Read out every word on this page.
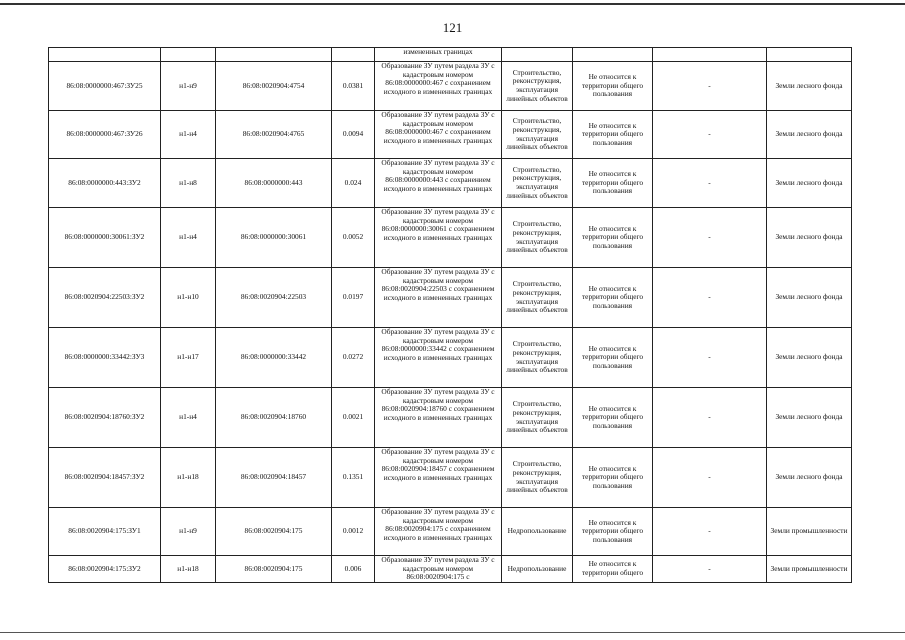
121
				измененных границах				
86:08:0000000:467:ЗУ25	н1-н9	86:08:0020904:4754	0.0381	Образование ЗУ путем раздела ЗУ с кадастровым номером 86:08:0000000:467 с сохранением исходного в измененных границах	Строительство, реконструкция, эксплуатация линейных объектов	Не относится к территории общего пользования	-	Земли лесного фонда
86:08:0000000:467:ЗУ26	н1-н4	86:08:0020904:4765	0.0094	Образование ЗУ путем раздела ЗУ с кадастровым номером 86:08:0000000:467 с сохранением исходного в измененных границах	Строительство, реконструкция, эксплуатация линейных объектов	Не относится к территории общего пользования	-	Земли лесного фонда
86:08:0000000:443:ЗУ2	н1-н8	86:08:0000000:443	0.024	Образование ЗУ путем раздела ЗУ с кадастровым номером 86:08:0000000:443 с сохранением исходного в измененных границах	Строительство, реконструкция, эксплуатация линейных объектов	Не относится к территории общего пользования	-	Земли лесного фонда
86:08:0000000:30061:ЗУ2	н1-н4	86:08:0000000:30061	0.0052	Образование ЗУ путем раздела ЗУ с кадастровым номером 86:08:0000000:30061 с сохранением исходного в измененных границах	Строительство, реконструкция, эксплуатация линейных объектов	Не относится к территории общего пользования	-	Земли лесного фонда
86:08:0020904:22503:ЗУ2	н1-н10	86:08:0020904:22503	0.0197	Образование ЗУ путем раздела ЗУ с кадастровым номером 86:08:0020904:22503 с сохранением исходного в измененных границах	Строительство, реконструкция, эксплуатация линейных объектов	Не относится к территории общего пользования	-	Земли лесного фонда
86:08:0000000:33442:ЗУ3	н1-н17	86:08:0000000:33442	0.0272	Образование ЗУ путем раздела ЗУ с кадастровым номером 86:08:0000000:33442 с сохранением исходного в измененных границах	Строительство, реконструкция, эксплуатация линейных объектов	Не относится к территории общего пользования	-	Земли лесного фонда
86:08:0020904:18760:ЗУ2	н1-н4	86:08:0020904:18760	0.0021	Образование ЗУ путем раздела ЗУ с кадастровым номером 86:08:0020904:18760 с сохранением исходного в измененных границах	Строительство, реконструкция, эксплуатация линейных объектов	Не относится к территории общего пользования	-	Земли лесного фонда
86:08:0020904:18457:ЗУ2	н1-н18	86:08:0020904:18457	0.1351	Образование ЗУ путем раздела ЗУ с кадастровым номером 86:08:0020904:18457 с сохранением исходного в измененных границах	Строительство, реконструкция, эксплуатация линейных объектов	Не относится к территории общего пользования	-	Земли лесного фонда
86:08:0020904:175:ЗУ1	н1-н9	86:08:0020904:175	0.0012	Образование ЗУ путем раздела ЗУ с кадастровым номером 86:08:0020904:175 с сохранением исходного в измененных границах	Недропользование	Не относится к территории общего пользования	-	Земли промышленности
86:08:0020904:175:ЗУ2	н1-н18	86:08:0020904:175	0.006	Образование ЗУ путем раздела ЗУ с кадастровым номером 86:08:0020904:175 с	Недропользование	Не относится к территории общего	-	Земли промышленности
